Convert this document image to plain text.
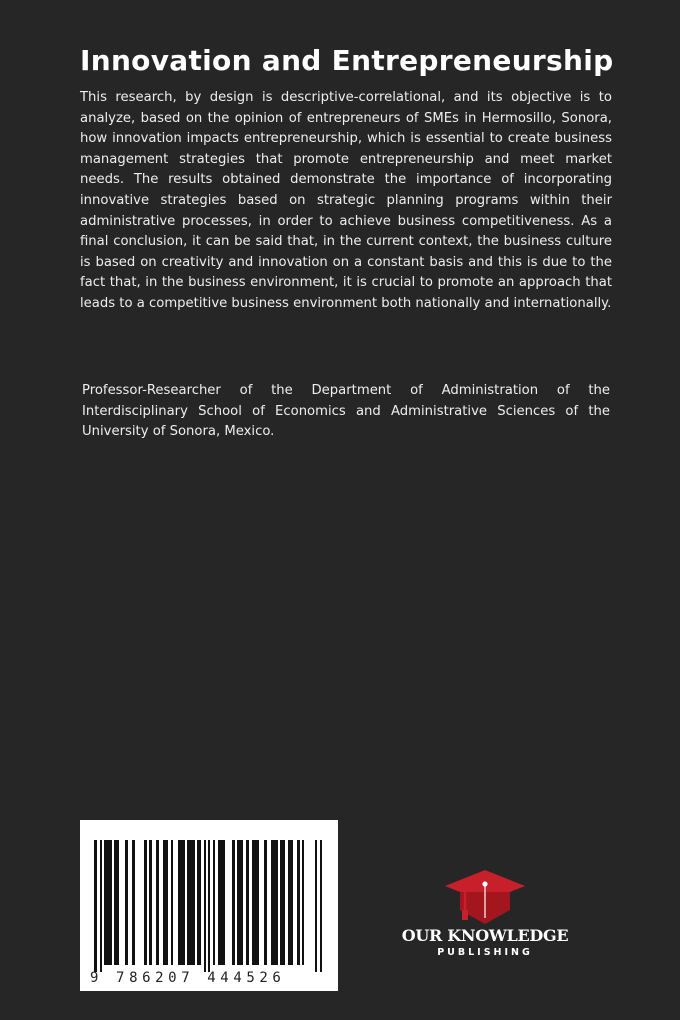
Innovation and Entrepreneurship
This research, by design is descriptive-correlational, and its objective is to analyze, based on the opinion of entrepreneurs of SMEs in Hermosillo, Sonora, how innovation impacts entrepreneurship, which is essential to create business management strategies that promote entrepreneurship and meet market needs. The results obtained demonstrate the importance of incorporating innovative strategies based on strategic planning programs within their administrative processes, in order to achieve business competitiveness. As a final conclusion, it can be said that, in the current context, the business culture is based on creativity and innovation on a constant basis and this is due to the fact that, in the business environment, it is crucial to promote an approach that leads to a competitive business environment both nationally and internationally.
Professor-Researcher of the Department of Administration of the Interdisciplinary School of Economics and Administrative Sciences of the University of Sonora, Mexico.
9 786207 444526
OUR KNOWLEDGE
PUBLISHING
